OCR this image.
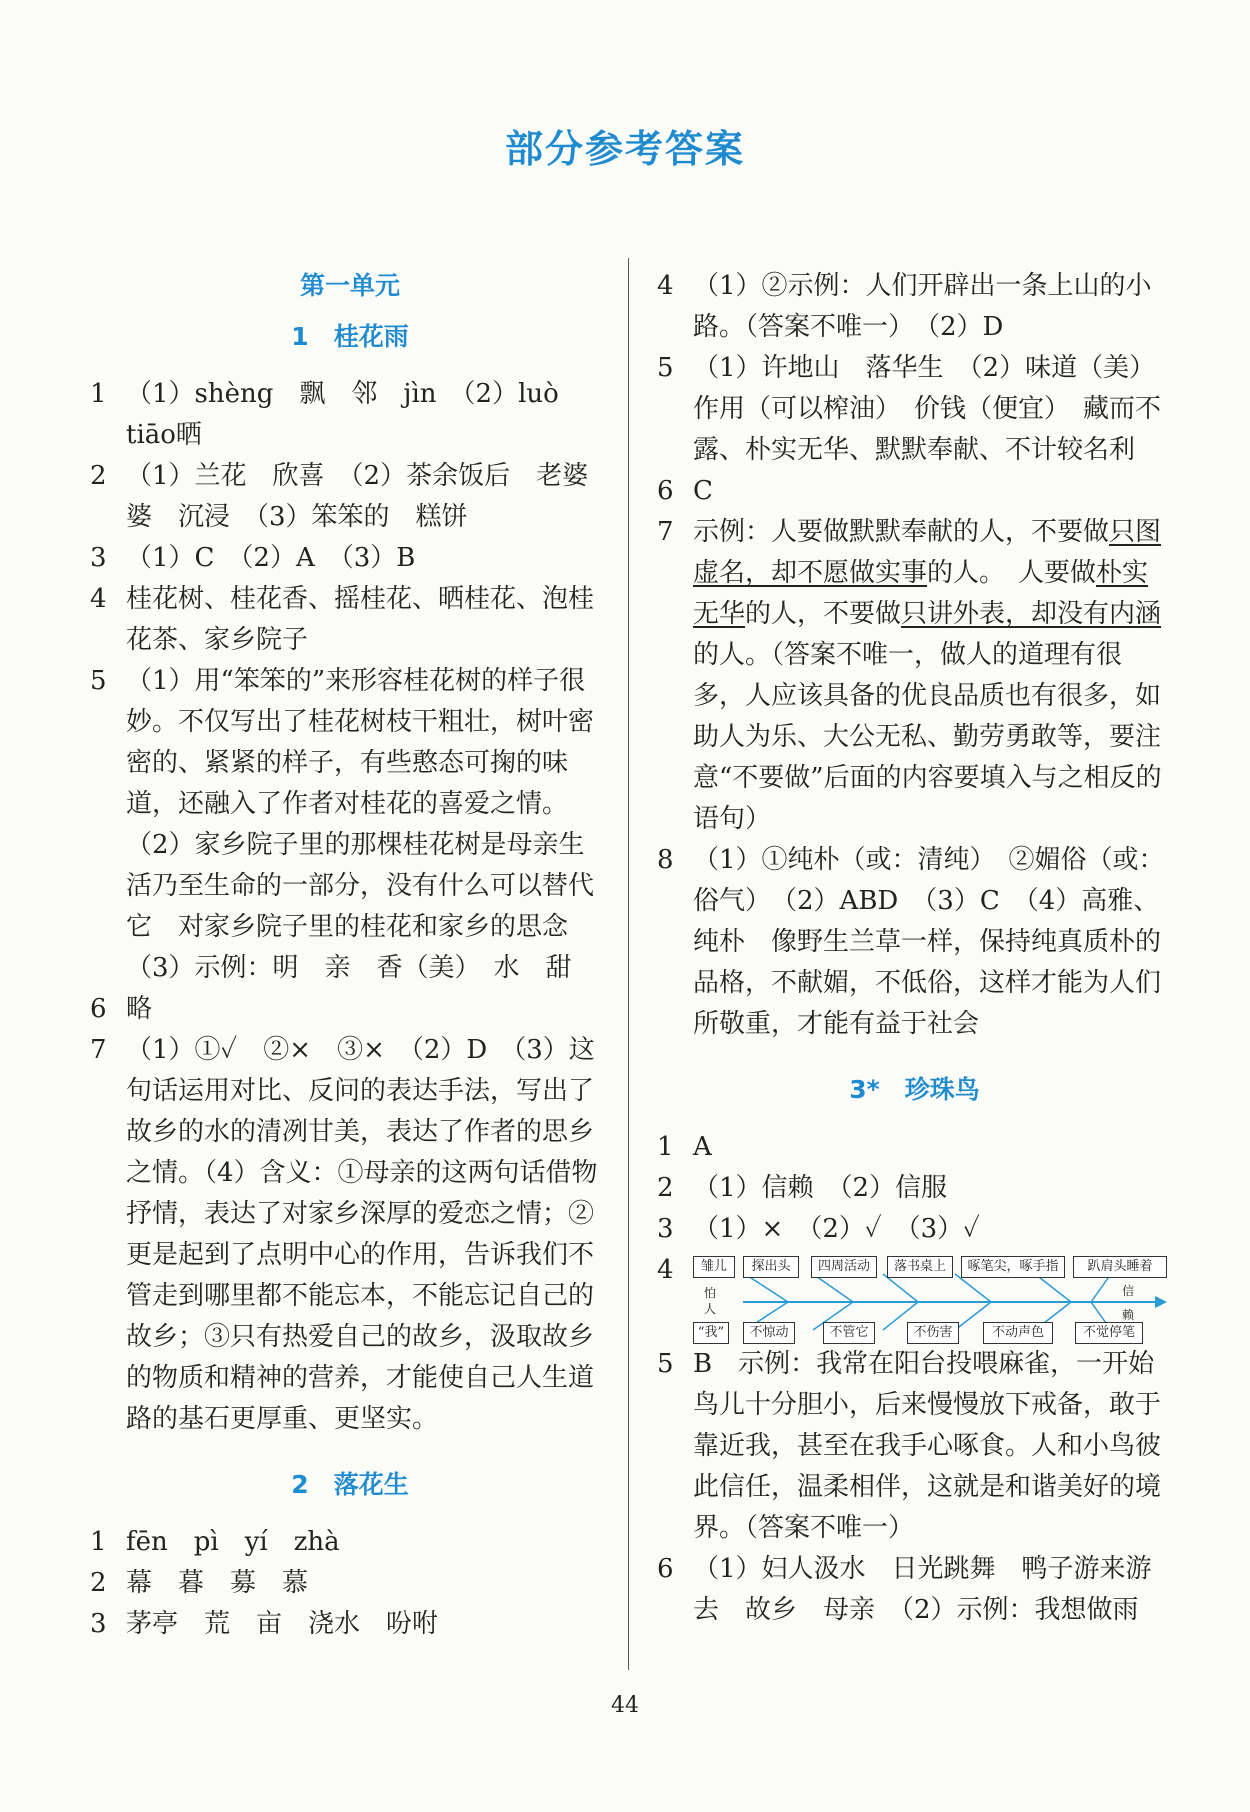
部分参考答案
第一单元
1　桂花雨
1 （1）shèng　飘　邻　jìn　（2）luò　tiāo晒
2 （1）兰花　欣喜　（2）茶余饭后　老婆婆　沉浸　（3）笨笨的　糕饼
3 （1）C　（2）A　（3）B
4 桂花树、桂花香、摇桂花、晒桂花、泡桂花茶、家乡院子
5 （1）用“笨笨的”来形容桂花树的样子很妙。不仅写出了桂花树枝干粗壮，树叶密密的、紧紧的样子，有些憨态可掬的味道，还融入了作者对桂花的喜爱之情。
（2）家乡院子里的那棵桂花树是母亲生活乃至生命的一部分，没有什么可以替代它　对家乡院子里的桂花和家乡的思念
（3）示例：明　亲　香（美）　水　甜
6 略
7 （1）①✓　②×　③×　（2）D　（3）这句话运用对比、反问的表达手法，写出了故乡的水的清冽甘美，表达了作者的思乡之情。（4）含义：①母亲的这两句话借物抒情，表达了对家乡深厚的爱恋之情；②更是起到了点明中心的作用，告诉我们不管走到哪里都不能忘本，不能忘记自己的故乡；③只有热爱自己的故乡，汲取故乡的物质和精神的营养，才能使自己人生道路的基石更厚重、更坚实。
2　落花生
1 fēn　pì　yí　zhà
2 幕　暮　募　慕
3 茅亭　荒　亩　浇水　吩咐
4 （1）②示例：人们开辟出一条上山的小路。（答案不唯一）　（2）D
5 （1）许地山　落华生　（2）味道（美）　作用（可以榨油）　价钱（便宜）　藏而不露、朴实无华、默默奉献、不计较名利
6 C
7 示例：人要做默默奉献的人，不要做只图虚名，却不愿做实事的人。　人要做朴实无华的人，不要做只讲外表，却没有内涵的人。（答案不唯一，做人的道理有很多，人应该具备的优良品质也有很多，如助人为乐、大公无私、勤劳勇敢等，要注意“不要做”后面的内容要填入与之相反的语句）
8 （1）①纯朴（或：清纯）　②媚俗（或：俗气）　（2）ABD　（3）C　（4）高雅、纯朴　像野生兰草一样，保持纯真质朴的品格，不献媚，不低俗，这样才能为人们所敬重，才能有益于社会
3*　珍珠鸟
1 A
2 （1）信赖　（2）信服
3 （1）×　（2）✓　（3）✓
4	雏儿	探出头	四周活动	落书桌上	啄笔尖，啄手指	趴肩头睡着
怕
人
信
赖
“我”	不惊动	不管它	不伤害	不动声色	不觉停笔
5 B　示例：我常在阳台投喂麻雀，一开始鸟儿十分胆小，后来慢慢放下戒备，敢于靠近我，甚至在我手心啄食。人和小鸟彼此信任，温柔相伴，这就是和谐美好的境界。（答案不唯一）
6 （1）妇人汲水　日光跳舞　鸭子游来游去　故乡　母亲　（2）示例：我想做雨
44
